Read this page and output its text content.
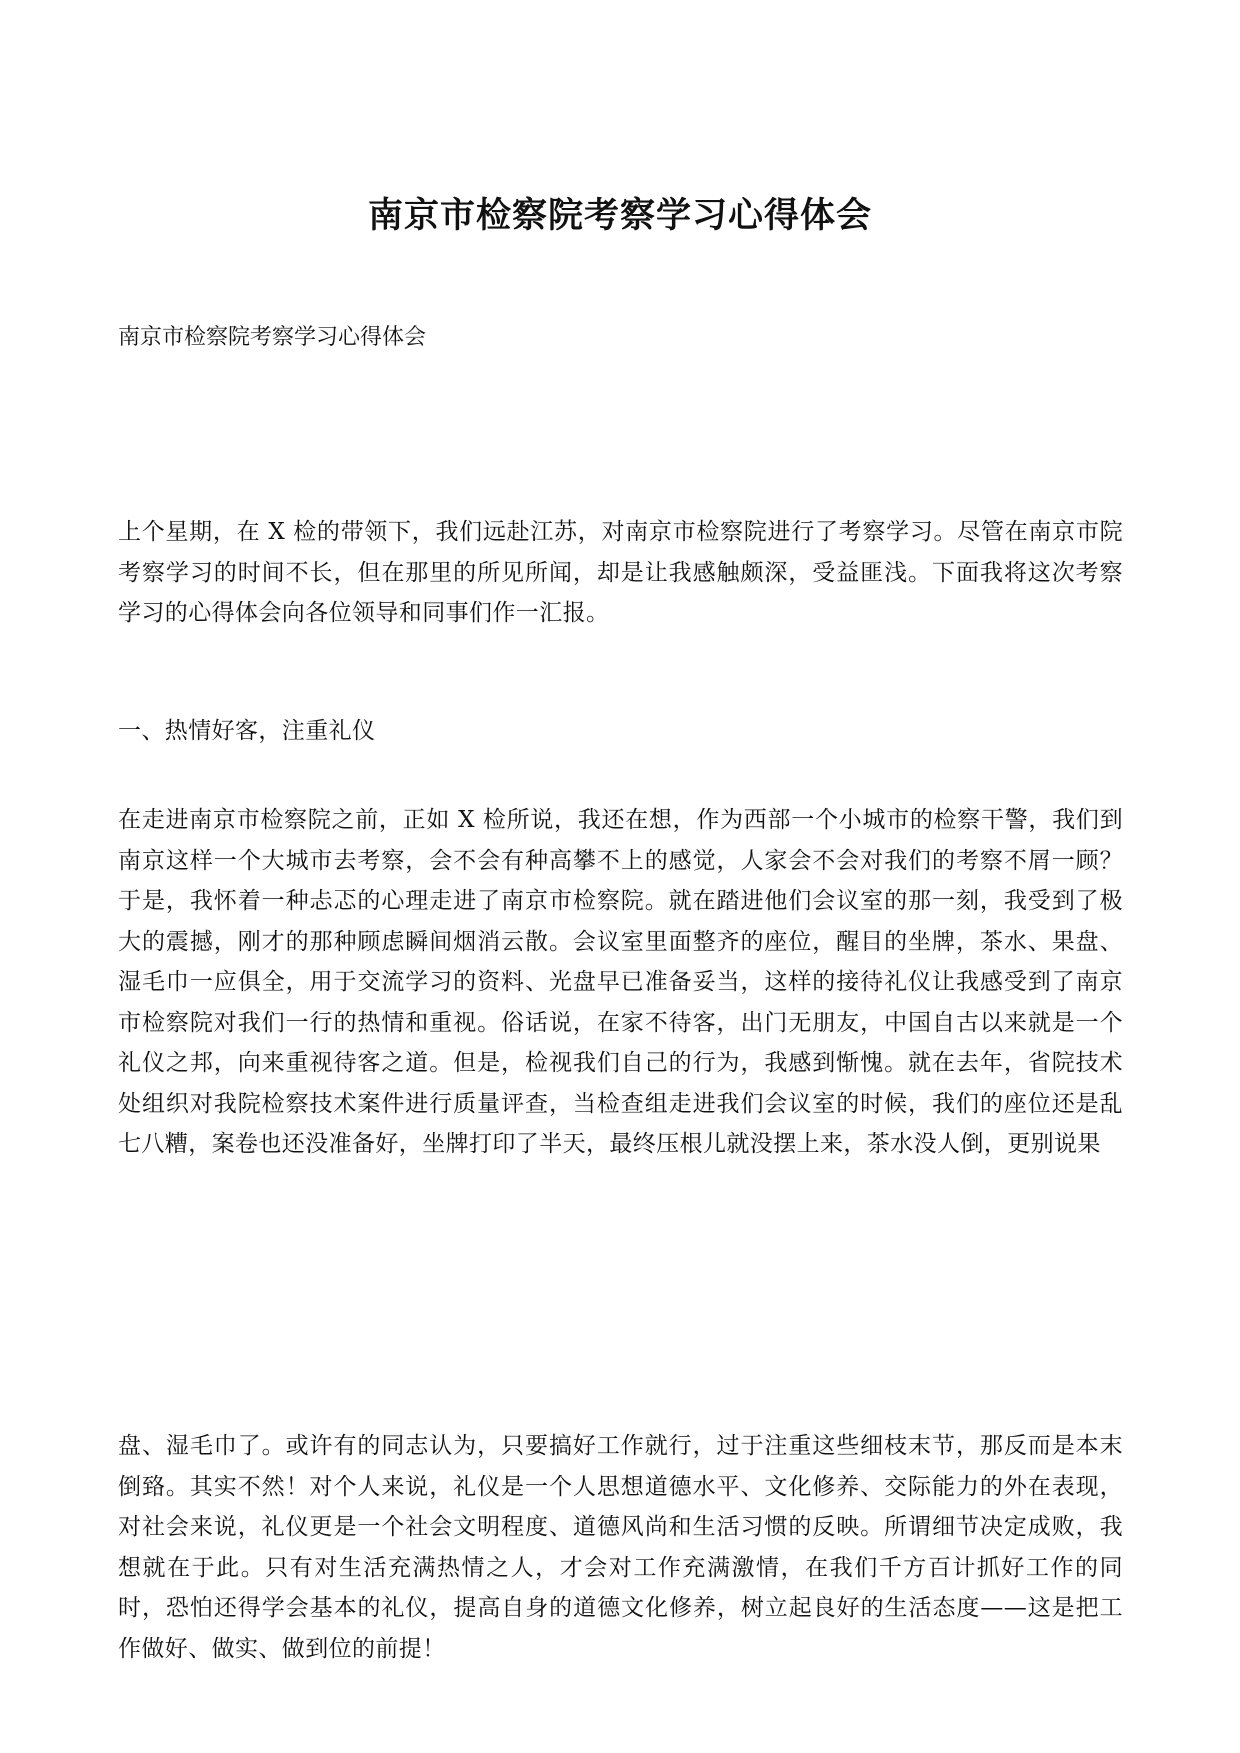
南京市检察院考察学习心得体会

南京市检察院考察学习心得体会

上个星期，在 X 检的带领下，我们远赴江苏，对南京市检察院进行了考察学习。尽管在南京市院考察学习的时间不长，但在那里的所见所闻，却是让我感触颇深，受益匪浅。下面我将这次考察学习的心得体会向各位领导和同事们作一汇报。

一、热情好客，注重礼仪

在走进南京市检察院之前，正如 X 检所说，我还在想，作为西部一个小城市的检察干警，我们到南京这样一个大城市去考察，会不会有种高攀不上的感觉，人家会不会对我们的考察不屑一顾？于是，我怀着一种忐忑的心理走进了南京市检察院。就在踏进他们会议室的那一刻，我受到了极大的震撼，刚才的那种顾虑瞬间烟消云散。会议室里面整齐的座位，醒目的坐牌，茶水、果盘、湿毛巾一应俱全，用于交流学习的资料、光盘早已准备妥当，这样的接待礼仪让我感受到了南京市检察院对我们一行的热情和重视。俗话说，在家不待客，出门无朋友，中国自古以来就是一个礼仪之邦，向来重视待客之道。但是，检视我们自己的行为，我感到惭愧。就在去年，省院技术处组织对我院检察技术案件进行质量评查，当检查组走进我们会议室的时候，我们的座位还是乱七八糟，案卷也还没准备好，坐牌打印了半天，最终压根儿就没摆上来，茶水没人倒，更别说果

盘、湿毛巾了。或许有的同志认为，只要搞好工作就行，过于注重这些细枝末节，那反而是本末倒臵。其实不然！对个人来说，礼仪是一个人思想道德水平、文化修养、交际能力的外在表现，对社会来说，礼仪更是一个社会文明程度、道德风尚和生活习惯的反映。所谓细节决定成败，我想就在于此。只有对生活充满热情之人，才会对工作充满激情，在我们千方百计抓好工作的同时，恐怕还得学会基本的礼仪，提高自身的道德文化修养，树立起良好的生活态度——这是把工作做好、做实、做到位的前提！
